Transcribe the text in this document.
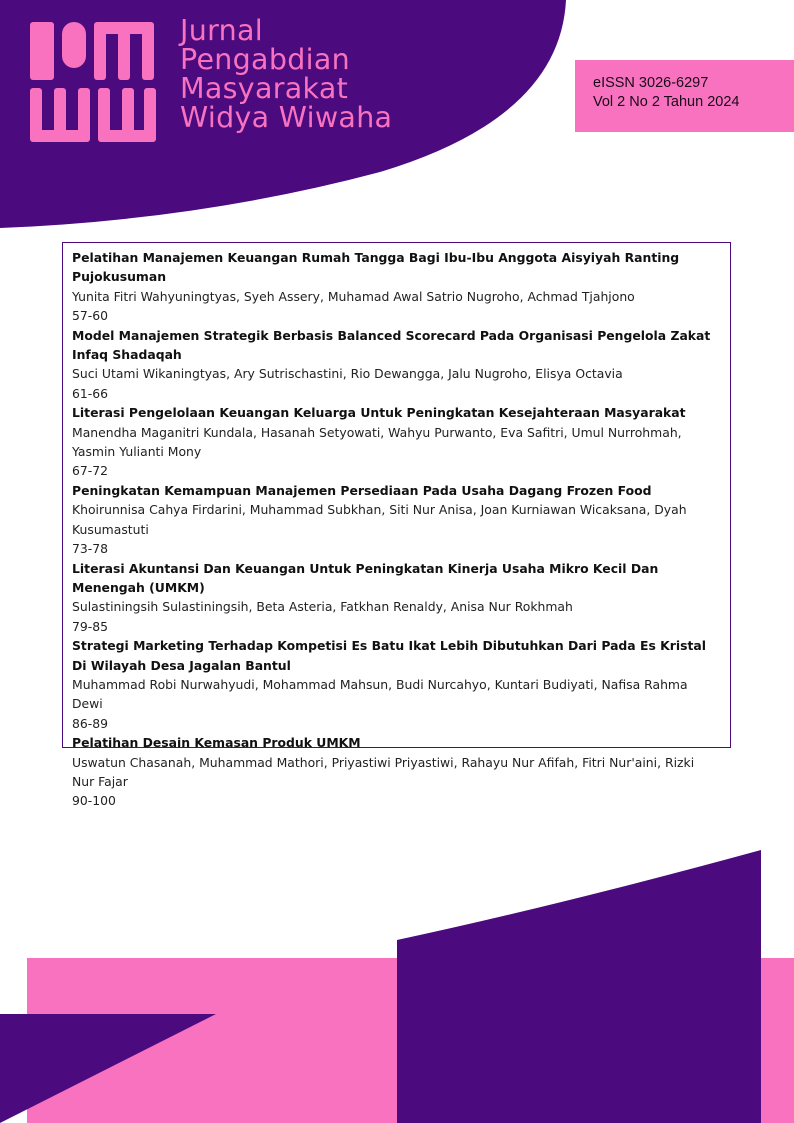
Jurnal
Pengabdian
Masyarakat
Widya Wiwaha
eISSN 3026-6297
Vol 2 No 2 Tahun 2024
Pelatihan Manajemen Keuangan Rumah Tangga Bagi Ibu-Ibu Anggota Aisyiyah Ranting Pujokusuman
Yunita Fitri Wahyuningtyas, Syeh Assery, Muhamad Awal Satrio Nugroho, Achmad Tjahjono
57-60
Model Manajemen Strategik Berbasis Balanced Scorecard Pada Organisasi Pengelola Zakat Infaq Shadaqah
Suci Utami Wikaningtyas, Ary Sutrischastini, Rio Dewangga, Jalu Nugroho, Elisya Octavia
61-66
Literasi Pengelolaan Keuangan Keluarga Untuk Peningkatan Kesejahteraan Masyarakat
Manendha Maganitri Kundala, Hasanah Setyowati, Wahyu Purwanto, Eva Safitri, Umul Nurrohmah, Yasmin Yulianti Mony
67-72
Peningkatan Kemampuan Manajemen Persediaan Pada Usaha Dagang Frozen Food
Khoirunnisa Cahya Firdarini, Muhammad Subkhan, Siti Nur Anisa, Joan Kurniawan Wicaksana, Dyah Kusumastuti
73-78
Literasi Akuntansi Dan Keuangan Untuk Peningkatan Kinerja Usaha Mikro Kecil Dan Menengah (UMKM)
Sulastiningsih Sulastiningsih, Beta Asteria, Fatkhan Renaldy, Anisa Nur Rokhmah
79-85
Strategi Marketing Terhadap Kompetisi Es Batu Ikat Lebih Dibutuhkan Dari Pada Es Kristal Di Wilayah Desa Jagalan Bantul
Muhammad Robi Nurwahyudi, Mohammad Mahsun, Budi Nurcahyo, Kuntari Budiyati, Nafisa Rahma Dewi
86-89
Pelatihan Desain Kemasan Produk UMKM
Uswatun Chasanah, Muhammad Mathori, Priyastiwi Priyastiwi, Rahayu Nur Afifah, Fitri Nur'aini, Rizki Nur Fajar
90-100
